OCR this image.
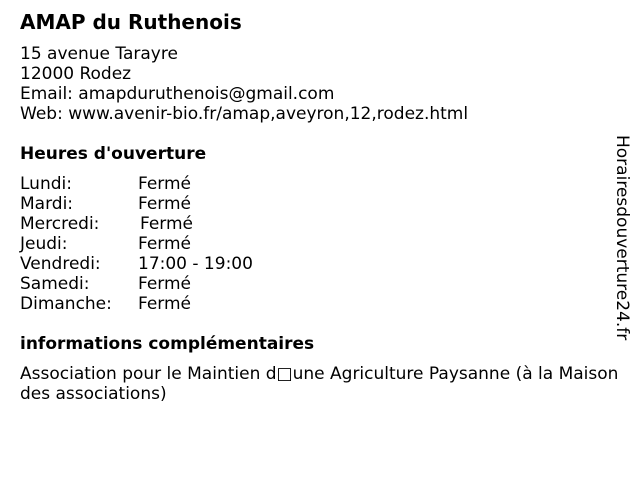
AMAP du Ruthenois
15 avenue Tarayre
12000 Rodez
Email: amapduruthenois@gmail.com
Web: www.avenir-bio.fr/amap,aveyron,12,rodez.html
Heures d'ouverture
Lundi:	Fermé
Mardi:	Fermé
Mercredi: Fermé
Jeudi:	Fermé
Vendredi: 17:00 - 19:00
Samedi:	Fermé
Dimanche: Fermé
informations complémentaires
Association pour le Maintien d□une Agriculture Paysanne (à la Maison
des associations)
Horairesdouverture24.fr
